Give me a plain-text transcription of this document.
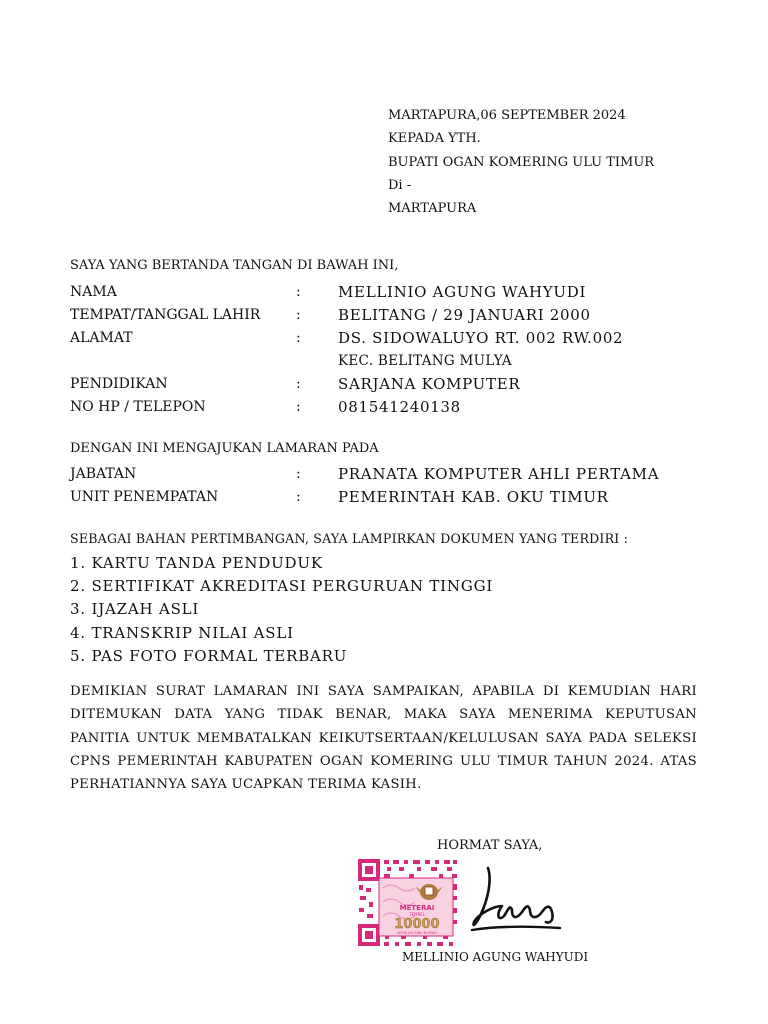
MARTAPURA,06 SEPTEMBER 2024
KEPADA YTH.
BUPATI OGAN KOMERING ULU TIMUR
Di -
MARTAPURA
SAYA YANG BERTANDA TANGAN DI BAWAH INI,
NAMA	: MELLINIO AGUNG WAHYUDI
TEMPAT/TANGGAL LAHIR	: BELITANG / 29 JANUARI 2000
ALAMAT	: DS. SIDOWALUYO RT. 002 RW.002
KEC. BELITANG MULYA
PENDIDIKAN	: SARJANA KOMPUTER
NO HP / TELEPON	: 081541240138
DENGAN INI MENGAJUKAN LAMARAN PADA
JABATAN	: PRANATA KOMPUTER AHLI PERTAMA
UNIT PENEMPATAN	: PEMERINTAH KAB. OKU TIMUR
SEBAGAI BAHAN PERTIMBANGAN, SAYA LAMPIRKAN DOKUMEN YANG TERDIRI :
1. KARTU TANDA PENDUDUK
2. SERTIFIKAT AKREDITASI PERGURUAN TINGGI
3. IJAZAH ASLI
4. TRANSKRIP NILAI ASLI
5. PAS FOTO FORMAL TERBARU
DEMIKIAN SURAT LAMARAN INI SAYA SAMPAIKAN, APABILA DI KEMUDIAN HARI DITEMUKAN DATA YANG TIDAK BENAR, MAKA SAYA MENERIMA KEPUTUSAN PANITIA UNTUK MEMBATALKAN KEIKUTSERTAAN/KELULUSAN SAYA PADA SELEKSI CPNS PEMERINTAH KABUPATEN OGAN KOMERING ULU TIMUR TAHUN 2024. ATAS PERHATIANNYA SAYA UCAPKAN TERIMA KASIH.
HORMAT SAYA,
METERAI
TEMPEL
10000
SEPULUH RIBU RUPIAH
MELLINIO AGUNG WAHYUDI
